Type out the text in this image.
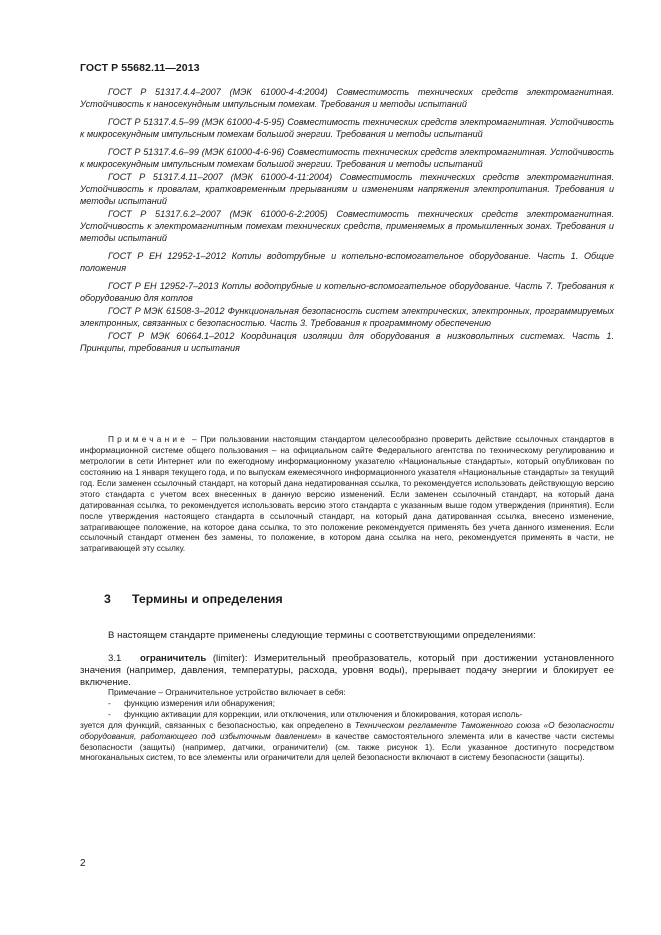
ГОСТ Р 55682.11—2013

ГОСТ Р 51317.4.4–2007 (МЭК 61000-4-4:2004) Совместимость технических средств электромагнитная. Устойчивость к наносекундным импульсным помехам. Требования и методы испытаний

ГОСТ Р 51317.4.5–99 (МЭК 61000-4-5-95) Совместимость технических средств электромагнитная. Устойчивость к микросекундным импульсным помехам большой энергии. Требования и методы испытаний

ГОСТ Р 51317.4.6–99 (МЭК 61000-4-6-96) Совместимость технических средств электромагнитная. Устойчивость к микросекундным импульсным помехам большой энергии. Требования и методы испытаний

ГОСТ Р 51317.4.11–2007 (МЭК 61000-4-11:2004) Совместимость технических средств электромагнитная. Устойчивость к провалам, кратковременным прерываниям и изменениям напряжения электропитания. Требования и методы испытаний

ГОСТ Р 51317.6.2–2007 (МЭК 61000-6-2:2005) Совместимость технических средств электромагнитная. Устойчивость к электромагнитным помехам технических средств, применяемых в промышленных зонах. Требования и методы испытаний

ГОСТ Р ЕН 12952-1–2012 Котлы водотрубные и котельно-вспомогательное оборудование. Часть 1. Общие положения

ГОСТ Р ЕН 12952-7–2013 Котлы водотрубные и котельно-вспомогательное оборудование. Часть 7. Требования к оборудованию для котлов

ГОСТ Р МЭК 61508-3–2012 Функциональная безопасность систем электрических, электронных, программируемых электронных, связанных с безопасностью. Часть 3. Требования к программному обеспечению

ГОСТ Р МЭК 60664.1–2012 Координация изоляции для оборудования в низковольтных системах. Часть 1. Принципы, требования и испытания

Примечание – При пользовании настоящим стандартом целесообразно проверить действие ссылочных стандартов в информационной системе общего пользования – на официальном сайте Федерального агентства по техническому регулированию и метрологии в сети Интернет или по ежегодному информационному указателю «Национальные стандарты», который опубликован по состоянию на 1 января текущего года, и по выпускам ежемесячного информационного указателя «Национальные стандарты» за текущий год. Если заменен ссылочный стандарт, на который дана недатированная ссылка, то рекомендуется использовать действующую версию этого стандарта с учетом всех внесенных в данную версию изменений. Если заменен ссылочный стандарт, на который дана датированная ссылка, то рекомендуется использовать версию этого стандарта с указанным выше годом утверждения (принятия). Если после утверждения настоящего стандарта в ссылочный стандарт, на который дана датированная ссылка, внесено изменение, затрагивающее положение, на которое дана ссылка, то это положение рекомендуется применять без учета данного изменения. Если ссылочный стандарт отменен без замены, то положение, в котором дана ссылка на него, рекомендуется применять в части, не затрагивающей эту ссылку.

3 Термины и определения

В настоящем стандарте применены следующие термины с соответствующими определениями:

3.1 ограничитель (limiter): Измерительный преобразователь, который при достижении установленного значения (например, давления, температуры, расхода, уровня воды), прерывает подачу энергии и блокирует ее включение.

Примечание – Ограничительное устройство включает в себя:

- функцию измерения или обнаружения;

- функцию активации для коррекции, или отключения, или отключения и блокирования, которая исполь-

зуется для функций, связанных с безопасностью, как определено в Техническом регламенте Таможенного союза «О безопасности оборудования, работающего под избыточным давлением» в качестве самостоятельного элемента или в качестве части системы безопасности (защиты) (например, датчики, ограничители) (см. также рисунок 1). Если указанное достигнуто посредством многоканальных систем, то все элементы или ограничители для целей безопасности включают в систему безопасности (защиты).

2
